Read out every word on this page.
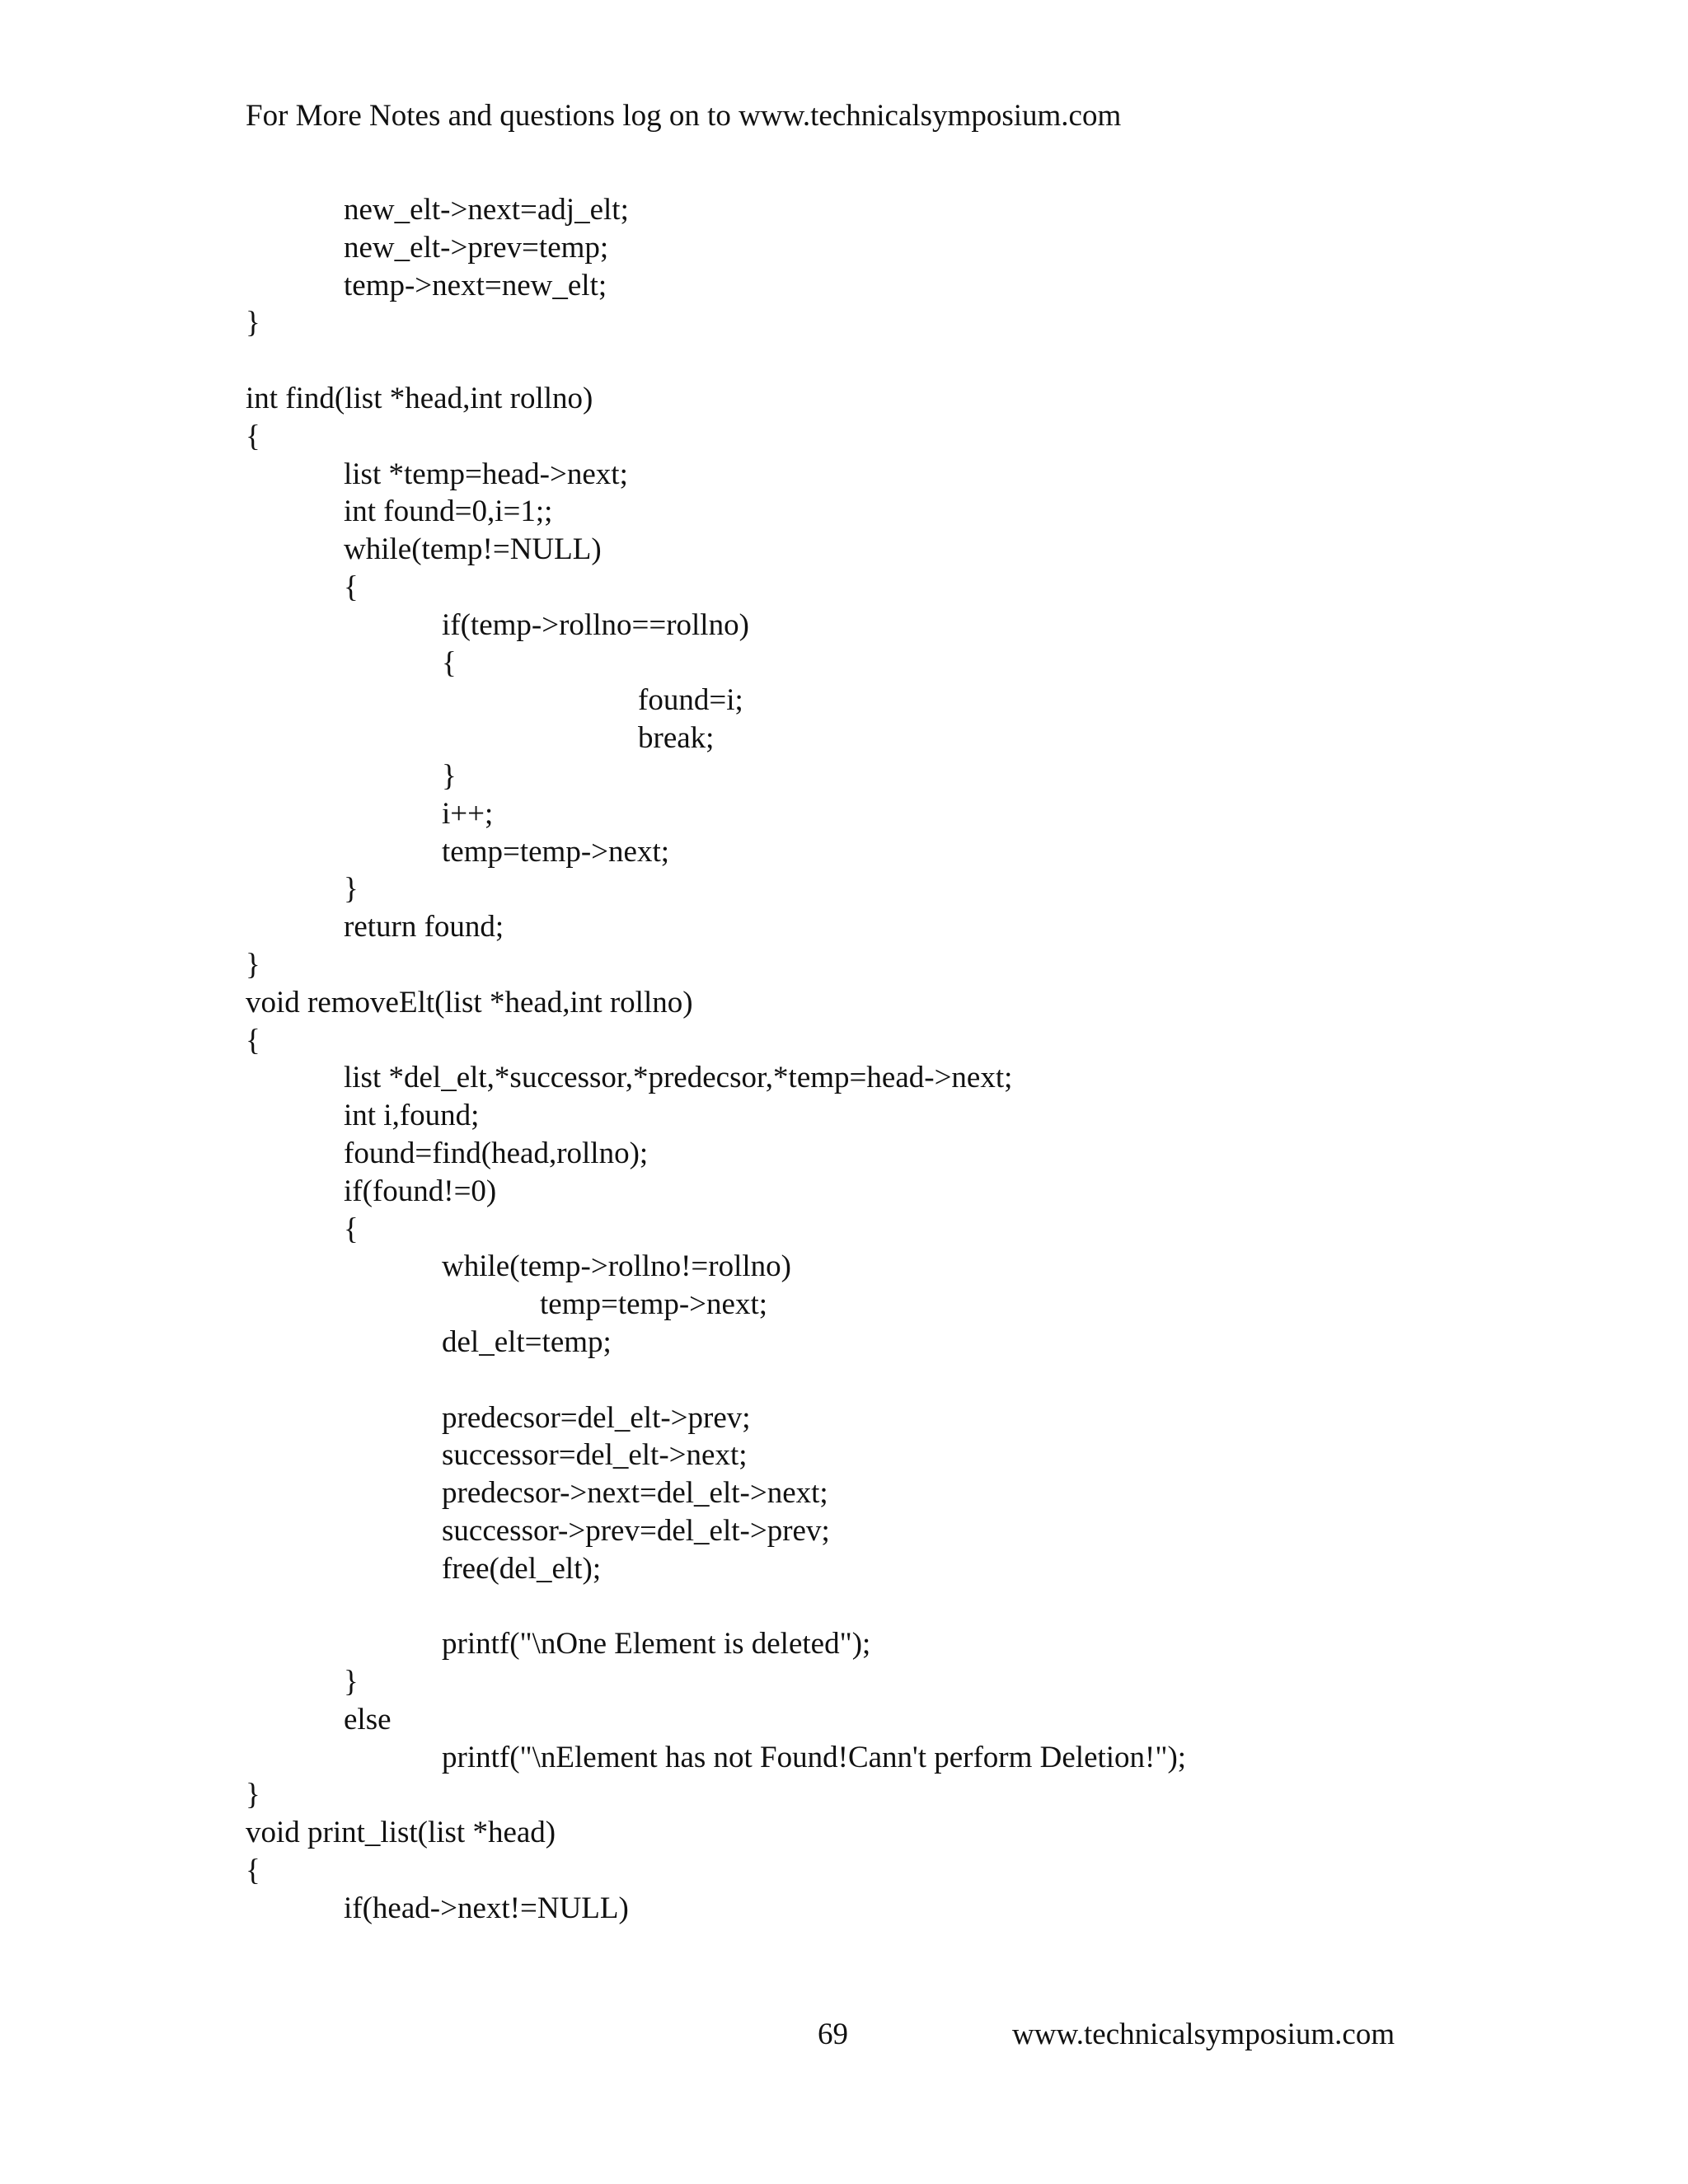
For More Notes and questions log on to www.technicalsymposium.com
new_elt->next=adj_elt;
new_elt->prev=temp;
temp->next=new_elt;
}
int find(list *head,int rollno)
{
list *temp=head->next;
int found=0,i=1;;
while(temp!=NULL)
{
if(temp->rollno==rollno)
{
found=i;
break;
}
i++;
temp=temp->next;
}
return found;
}
void removeElt(list *head,int rollno)
{
list *del_elt,*successor,*predecsor,*temp=head->next;
int i,found;
found=find(head,rollno);
if(found!=0)
{
while(temp->rollno!=rollno)
temp=temp->next;
del_elt=temp;
predecsor=del_elt->prev;
successor=del_elt->next;
predecsor->next=del_elt->next;
successor->prev=del_elt->prev;
free(del_elt);
printf("\nOne Element is deleted");
}
else
printf("\nElement has not Found!Cann't perform Deletion!");
}
void print_list(list *head)
{
if(head->next!=NULL)
69	www.technicalsymposium.com
